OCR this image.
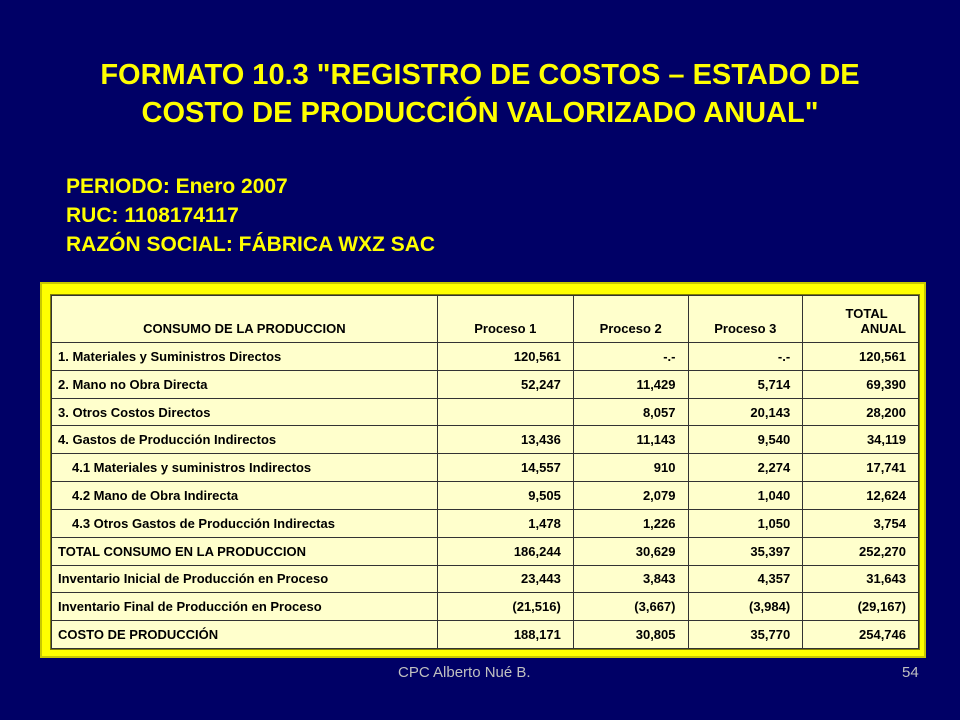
FORMATO 10.3 "REGISTRO DE COSTOS – ESTADO DE
COSTO DE PRODUCCIÓN VALORIZADO ANUAL"
PERIODO: Enero 2007
RUC: 1108174117
RAZÓN SOCIAL: FÁBRICA WXZ SAC
CONSUMO DE LA PRODUCCION	Proceso 1	Proceso 2	Proceso 3	TOTAL
ANUAL

1. Materiales y Suministros Directos	120,561	-.-	-.-	120,561
2. Mano no Obra Directa	52,247	11,429	5,714	69,390
3. Otros Costos Directos		8,057	20,143	28,200
4. Gastos de Producción Indirectos	13,436	11,143	9,540	34,119
4.1 Materiales y suministros Indirectos	14,557	910	2,274	17,741
4.2 Mano de Obra Indirecta	9,505	2,079	1,040	12,624
4.3 Otros Gastos de Producción Indirectas	1,478	1,226	1,050	3,754
TOTAL CONSUMO EN LA PRODUCCION	186,244	30,629	35,397	252,270
Inventario Inicial de Producción en Proceso	23,443	3,843	4,357	31,643
Inventario Final de Producción en Proceso	(21,516)	(3,667)	(3,984)	(29,167)
COSTO DE PRODUCCIÓN	188,171	30,805	35,770	254,746
CPC Alberto Nué B.	54
